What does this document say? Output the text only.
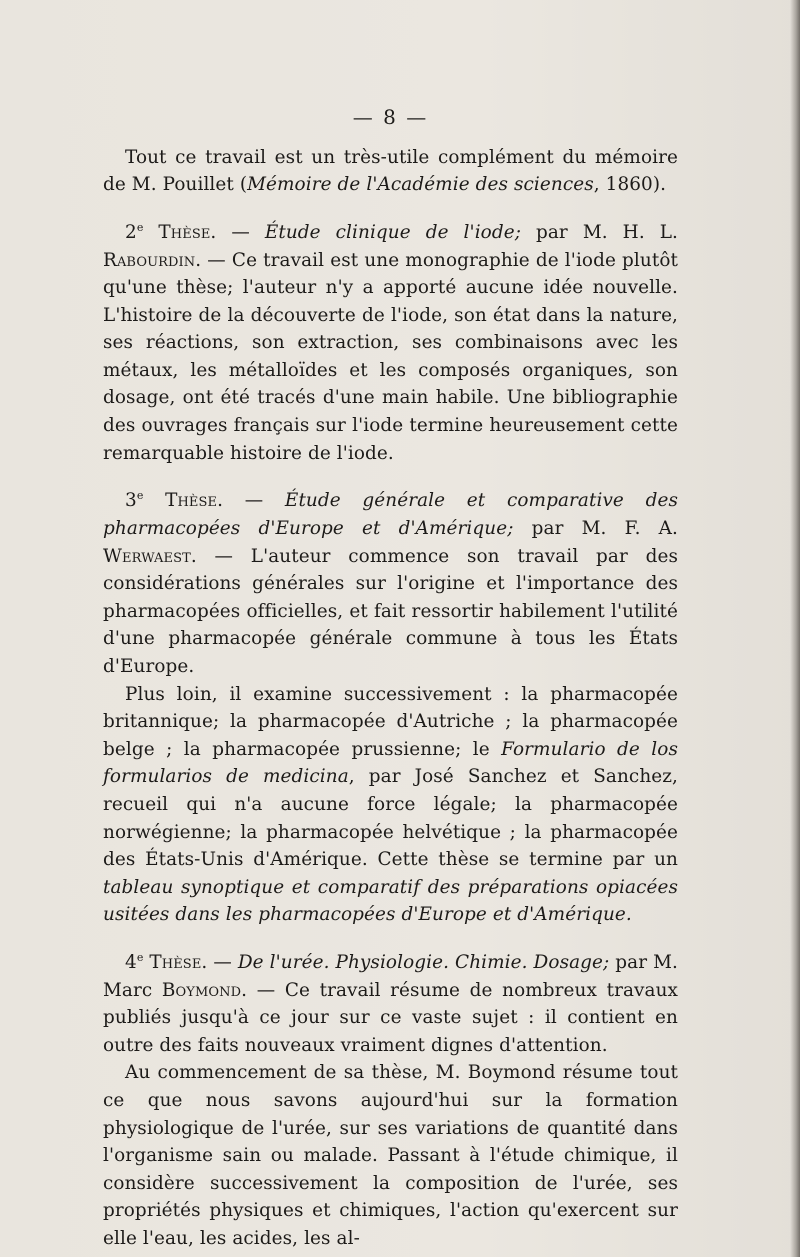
— 8 —

Tout ce travail est un très-utile complément du mémoire de M. Pouillet (Mémoire de l'Académie des sciences, 1860).

2e Thèse. — Étude clinique de l'iode; par M. H. L. Rabourdin. — Ce travail est une monographie de l'iode plutôt qu'une thèse; l'auteur n'y a apporté aucune idée nouvelle. L'histoire de la découverte de l'iode, son état dans la nature, ses réactions, son extraction, ses combinaisons avec les métaux, les métalloïdes et les composés organiques, son dosage, ont été tracés d'une main habile. Une bibliographie des ouvrages français sur l'iode termine heureusement cette remarquable histoire de l'iode.

3e Thèse. — Étude générale et comparative des pharmacopées d'Europe et d'Amérique; par M. F. A. Werwaest. — L'auteur commence son travail par des considérations générales sur l'origine et l'importance des pharmacopées officielles, et fait ressortir habilement l'utilité d'une pharmacopée générale commune à tous les États d'Europe.

Plus loin, il examine successivement : la pharmacopée britannique; la pharmacopée d'Autriche ; la pharmacopée belge ; la pharmacopée prussienne; le Formulario de los formularios de medicina, par José Sanchez et Sanchez, recueil qui n'a aucune force légale; la pharmacopée norwégienne; la pharmacopée helvétique ; la pharmacopée des États-Unis d'Amérique. Cette thèse se termine par un tableau synoptique et comparatif des préparations opiacées usitées dans les pharmacopées d'Europe et d'Amérique.

4e Thèse. — De l'urée. Physiologie. Chimie. Dosage; par M. Marc Boymond. — Ce travail résume de nombreux travaux publiés jusqu'à ce jour sur ce vaste sujet : il contient en outre des faits nouveaux vraiment dignes d'attention.

Au commencement de sa thèse, M. Boymond résume tout ce que nous savons aujourd'hui sur la formation physiologique de l'urée, sur ses variations de quantité dans l'organisme sain ou malade. Passant à l'étude chimique, il considère successivement la composition de l'urée, ses propriétés physiques et chimiques, l'action qu'exercent sur elle l'eau, les acides, les al-
